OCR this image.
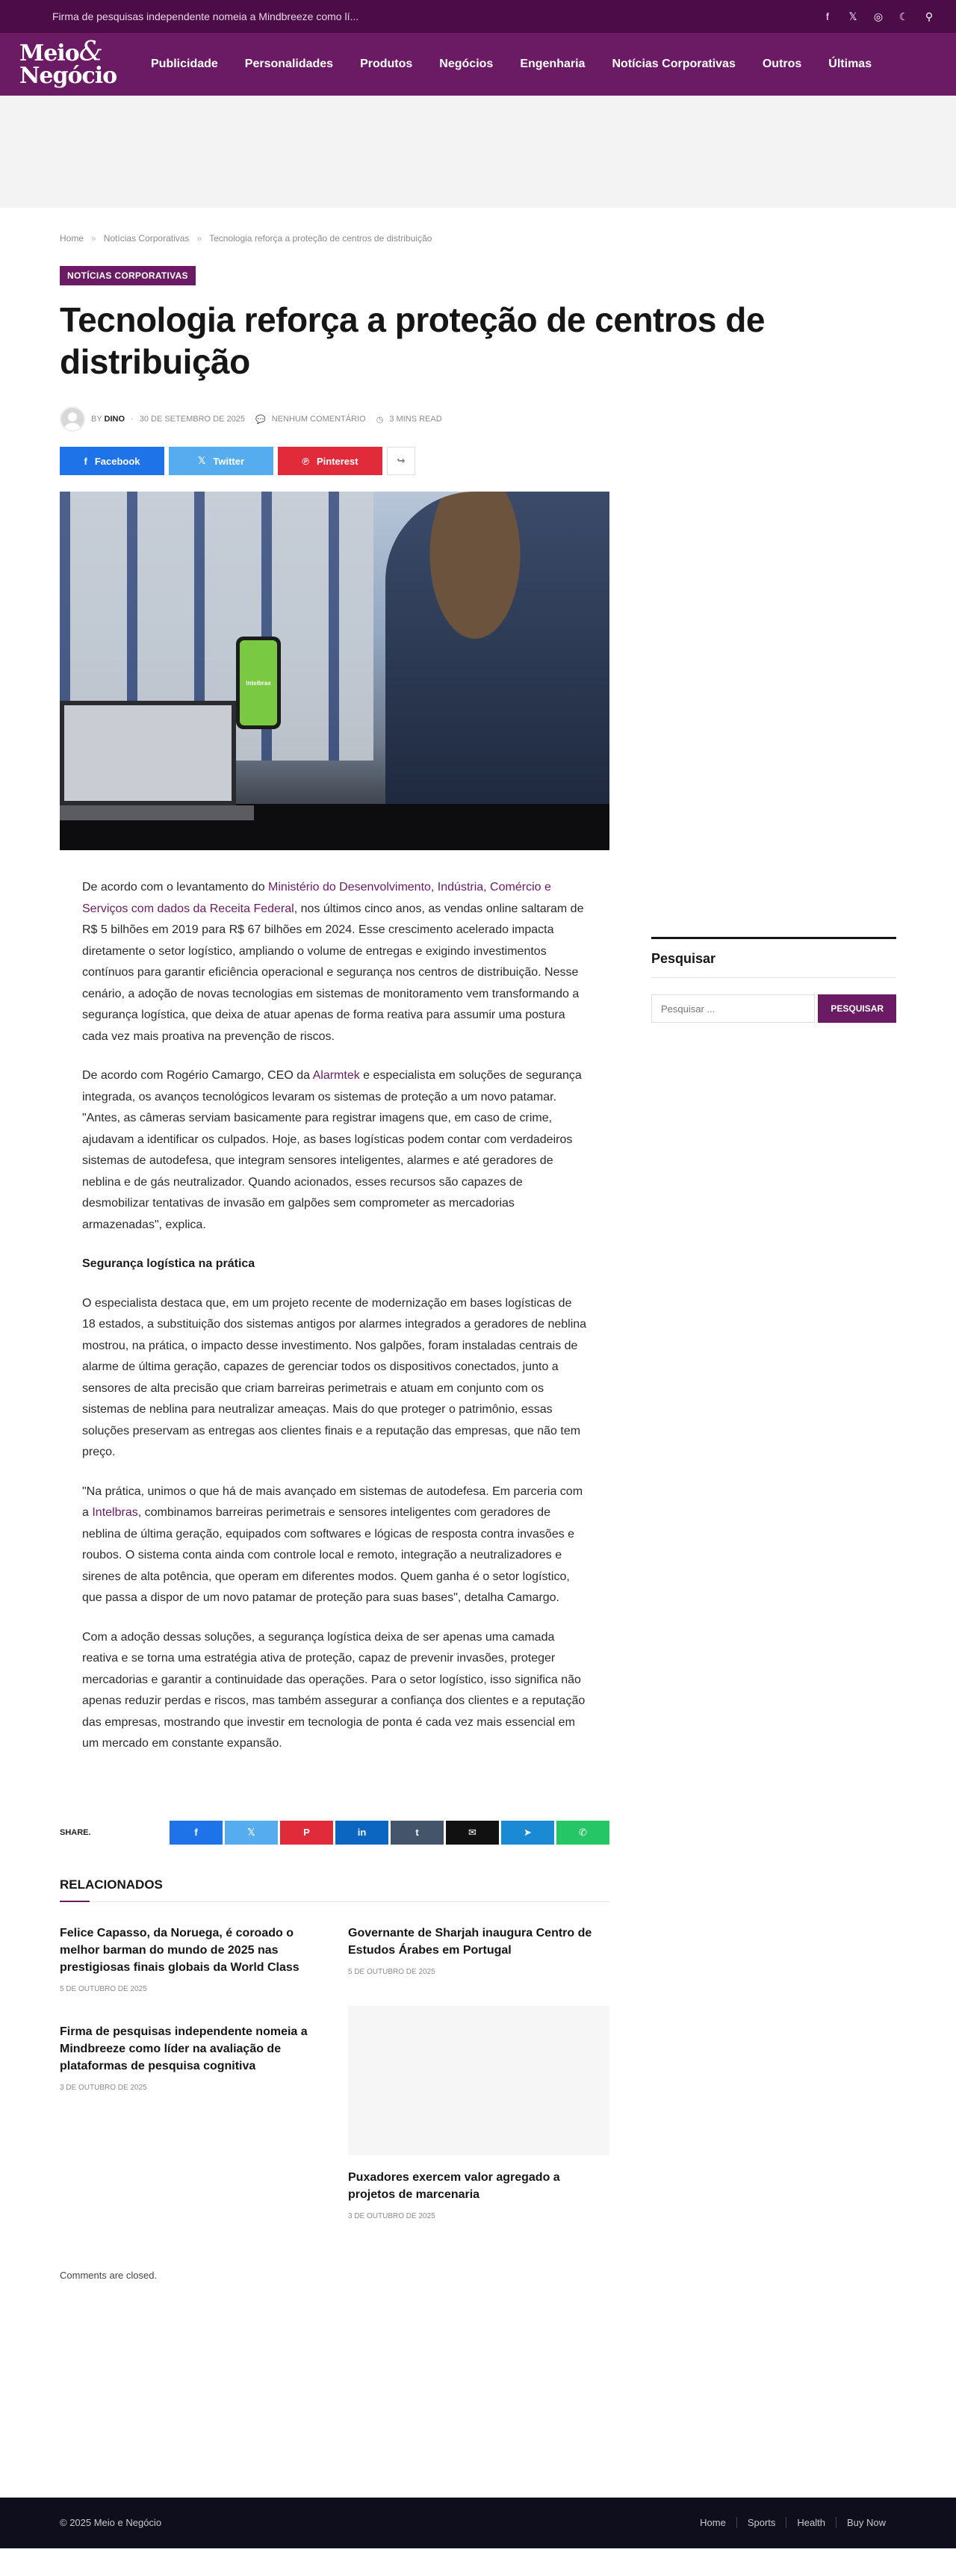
Firma de pesquisas independente nomeia a Mindbreeze como lí...	f	𝕏 ◎ ☾ ⚲
Meio&
Negócio	Publicidade	Personalidades	Produtos	Negócios	Engenharia	Notícias Corporativas	Outros	Últimas
Home » Notícias Corporativas » Tecnologia reforça a proteção de centros de distribuição
NOTÍCIAS CORPORATIVAS
Tecnologia reforça a proteção de centros de distribuição
BY DINO · 30 DE SETEMBRO DE 2025 💬 NENHUM COMENTÁRIO ◷ 3 MINS READ
f Facebook	𝕏 Twitter	℗ Pinterest	↪
Intelbras

De acordo com o levantamento do Ministério do Desenvolvimento, Indústria, Comércio e Serviços com dados da Receita Federal, nos últimos cinco anos, as vendas online saltaram de R$ 5 bilhões em 2019 para R$ 67 bilhões em 2024. Esse crescimento acelerado impacta diretamente o setor logístico, ampliando o volume de entregas e exigindo investimentos contínuos para garantir eficiência operacional e segurança nos centros de distribuição. Nesse cenário, a adoção de novas tecnologias em sistemas de monitoramento vem transformando a segurança logística, que deixa de atuar apenas de forma reativa para assumir uma postura cada vez mais proativa na prevenção de riscos.

De acordo com Rogério Camargo, CEO da Alarmtek e especialista em soluções de segurança integrada, os avanços tecnológicos levaram os sistemas de proteção a um novo patamar. "Antes, as câmeras serviam basicamente para registrar imagens que, em caso de crime, ajudavam a identificar os culpados. Hoje, as bases logísticas podem contar com verdadeiros sistemas de autodefesa, que integram sensores inteligentes, alarmes e até geradores de neblina e de gás neutralizador. Quando acionados, esses recursos são capazes de desmobilizar tentativas de invasão em galpões sem comprometer as mercadorias armazenadas", explica.

Segurança logística na prática

O especialista destaca que, em um projeto recente de modernização em bases logísticas de 18 estados, a substituição dos sistemas antigos por alarmes integrados a geradores de neblina mostrou, na prática, o impacto desse investimento. Nos galpões, foram instaladas centrais de alarme de última geração, capazes de gerenciar todos os dispositivos conectados, junto a sensores de alta precisão que criam barreiras perimetrais e atuam em conjunto com os sistemas de neblina para neutralizar ameaças. Mais do que proteger o patrimônio, essas soluções preservam as entregas aos clientes finais e a reputação das empresas, que não tem preço.

"Na prática, unimos o que há de mais avançado em sistemas de autodefesa. Em parceria com a Intelbras, combinamos barreiras perimetrais e sensores inteligentes com geradores de neblina de última geração, equipados com softwares e lógicas de resposta contra invasões e roubos. O sistema conta ainda com controle local e remoto, integração a neutralizadores e sirenes de alta potência, que operam em diferentes modos. Quem ganha é o setor logístico, que passa a dispor de um novo patamar de proteção para suas bases", detalha Camargo.

Com a adoção dessas soluções, a segurança logística deixa de ser apenas uma camada reativa e se torna uma estratégia ativa de proteção, capaz de prevenir invasões, proteger mercadorias e garantir a continuidade das operações. Para o setor logístico, isso significa não apenas reduzir perdas e riscos, mas também assegurar a confiança dos clientes e a reputação das empresas, mostrando que investir em tecnologia de ponta é cada vez mais essencial em um mercado em constante expansão.

SHARE.	f	𝕏	P	in	t	✉	➤	✆
RELACIONADOS
Felice Capasso, da Noruega, é coroado o melhor barman do mundo de 2025 nas prestigiosas finais globais da World Class
5 DE OUTUBRO DE 2025
Firma de pesquisas independente nomeia a Mindbreeze como líder na avaliação de plataformas de pesquisa cognitiva
3 DE OUTUBRO DE 2025
Governante de Sharjah inaugura Centro de Estudos Árabes em Portugal
5 DE OUTUBRO DE 2025
Puxadores exercem valor agregado a projetos de marcenaria
3 DE OUTUBRO DE 2025
Comments are closed.
Pesquisar
Pesquisar ...
PESQUISAR
© 2025 Meio e Negócio	Home	Sports	Health	Buy Now
